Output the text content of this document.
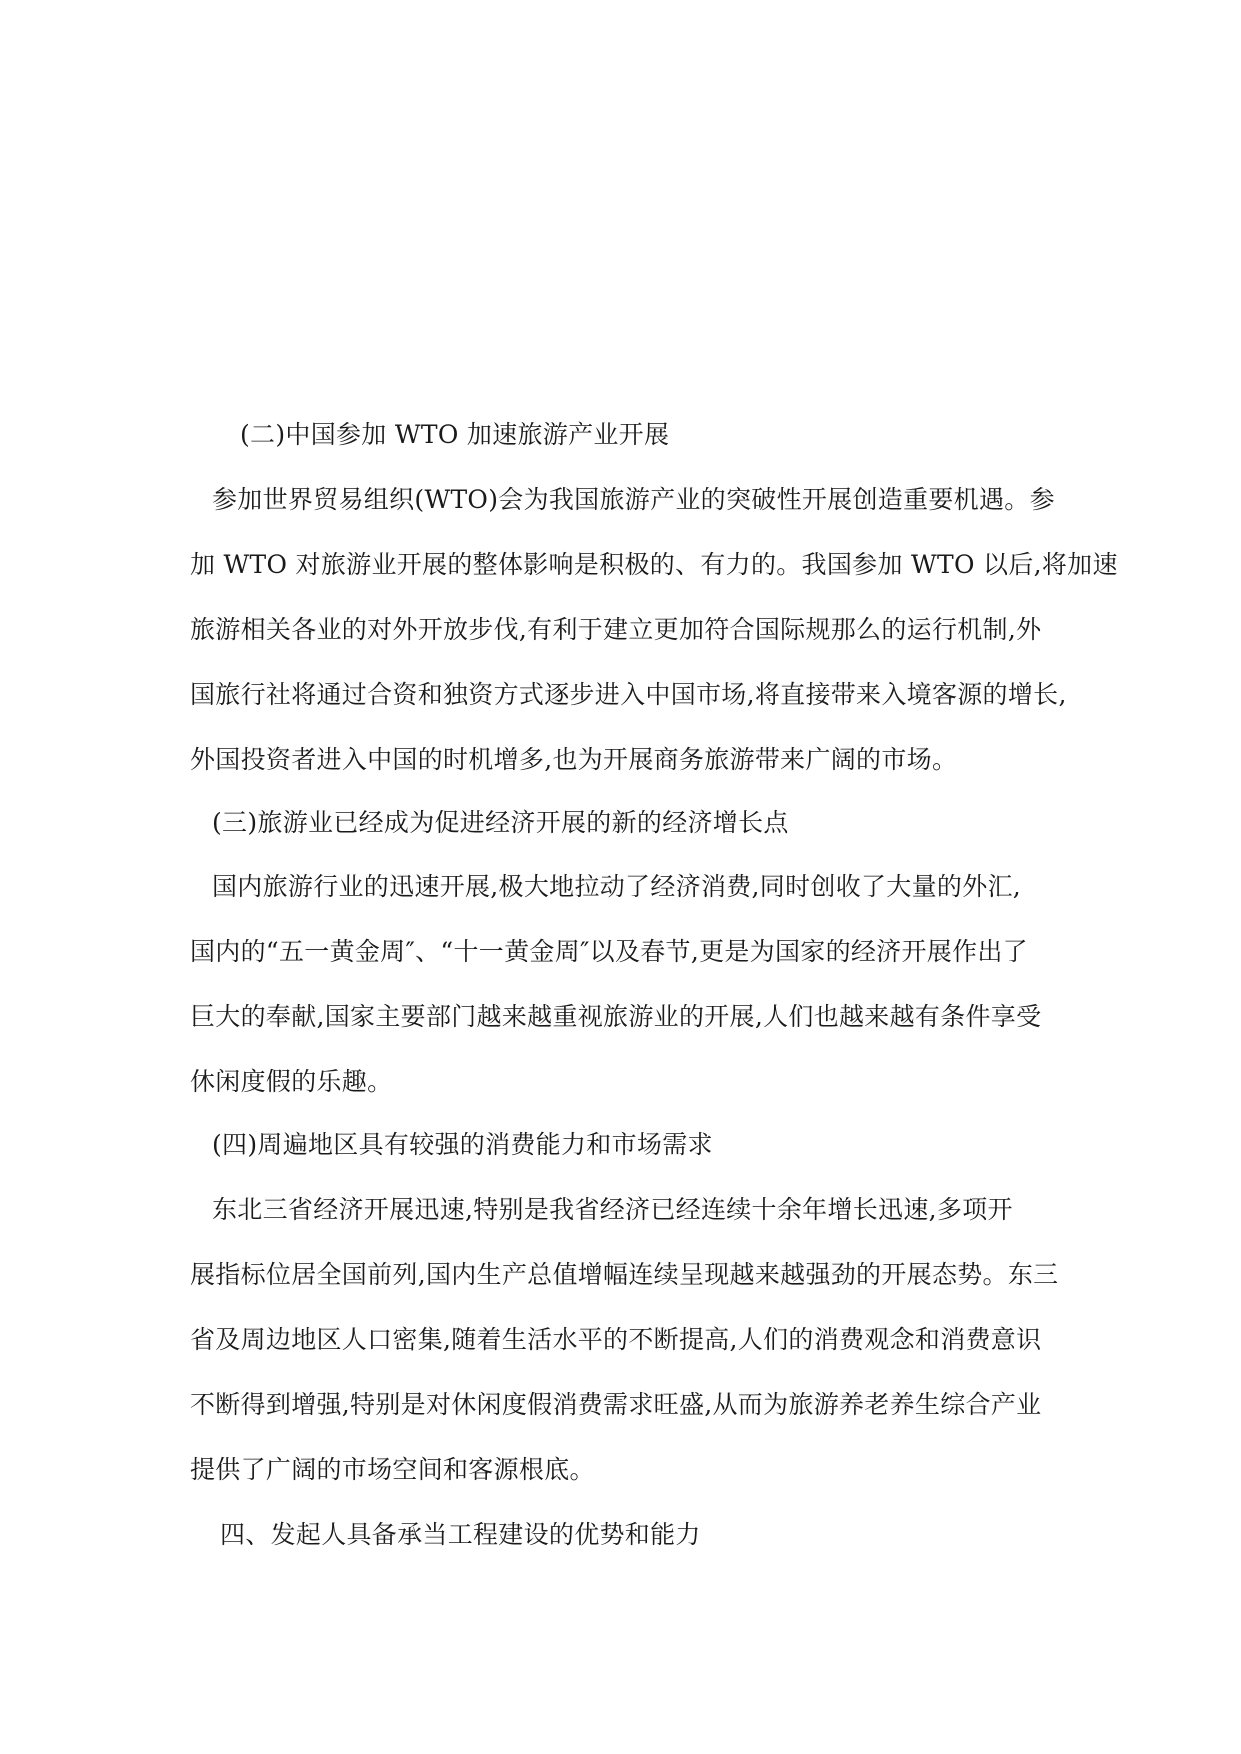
(二)中国参加 WTO 加速旅游产业开展
参加世界贸易组织(WTO)会为我国旅游产业的突破性开展创造重要机遇。参
加 WTO 对旅游业开展的整体影响是积极的、有力的。我国参加 WTO 以后,将加速
旅游相关各业的对外开放步伐,有利于建立更加符合国际规那么的运行机制,外
国旅行社将通过合资和独资方式逐步进入中国市场,将直接带来入境客源的增长,
外国投资者进入中国的时机增多,也为开展商务旅游带来广阔的市场。
(三)旅游业已经成为促进经济开展的新的经济增长点
国内旅游行业的迅速开展,极大地拉动了经济消费,同时创收了大量的外汇,
国内的“五一黄金周″、“十一黄金周″以及春节,更是为国家的经济开展作出了
巨大的奉献,国家主要部门越来越重视旅游业的开展,人们也越来越有条件享受
休闲度假的乐趣。
(四)周遍地区具有较强的消费能力和市场需求
东北三省经济开展迅速,特别是我省经济已经连续十余年增长迅速,多项开
展指标位居全国前列,国内生产总值增幅连续呈现越来越强劲的开展态势。东三
省及周边地区人口密集,随着生活水平的不断提高,人们的消费观念和消费意识
不断得到增强,特别是对休闲度假消费需求旺盛,从而为旅游养老养生综合产业
提供了广阔的市场空间和客源根底。
四、发起人具备承当工程建设的优势和能力
